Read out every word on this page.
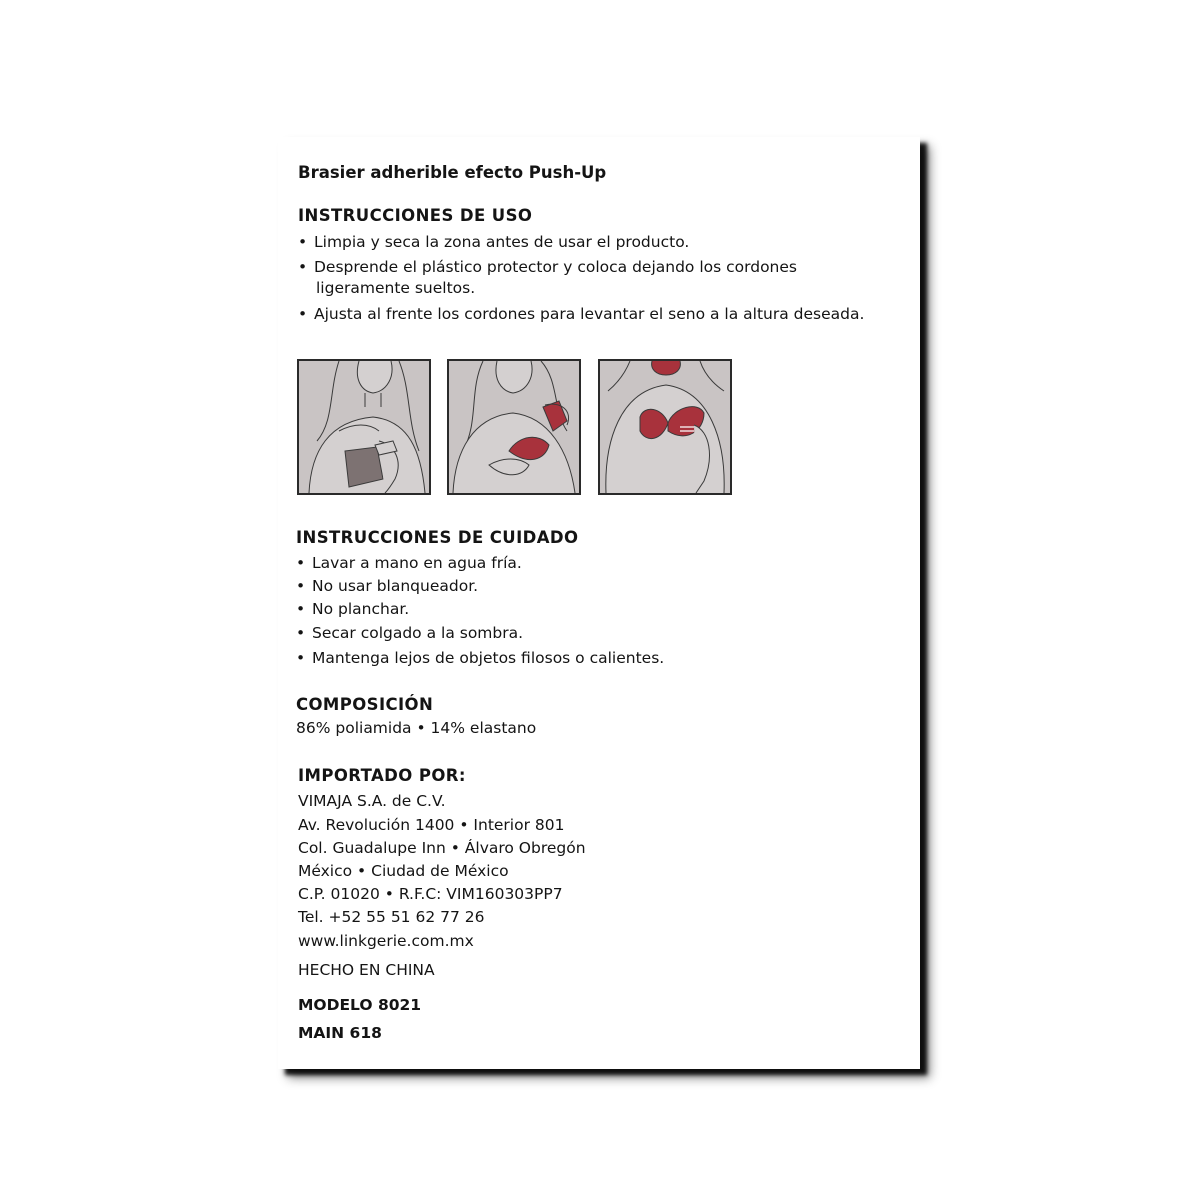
Brasier adherible efecto Push-Up
INSTRUCCIONES DE USO
• Limpia y seca la zona antes de usar el producto.
• Desprende el plástico protector y coloca dejando los cordones
ligeramente sueltos.
• Ajusta al frente los cordones para levantar el seno a la altura deseada.
INSTRUCCIONES DE CUIDADO
• Lavar a mano en agua fría.
• No usar blanqueador.
• No planchar.
• Secar colgado a la sombra.
• Mantenga lejos de objetos filosos o calientes.
COMPOSICIÓN
86% poliamida • 14% elastano
IMPORTADO POR:
VIMAJA S.A. de C.V.
Av. Revolución 1400 • Interior 801
Col. Guadalupe Inn • Álvaro Obregón
México • Ciudad de México
C.P. 01020 • R.F.C: VIM160303PP7
Tel. +52 55 51 62 77 26
www.linkgerie.com.mx
HECHO EN CHINA
MODELO 8021
MAIN 618
